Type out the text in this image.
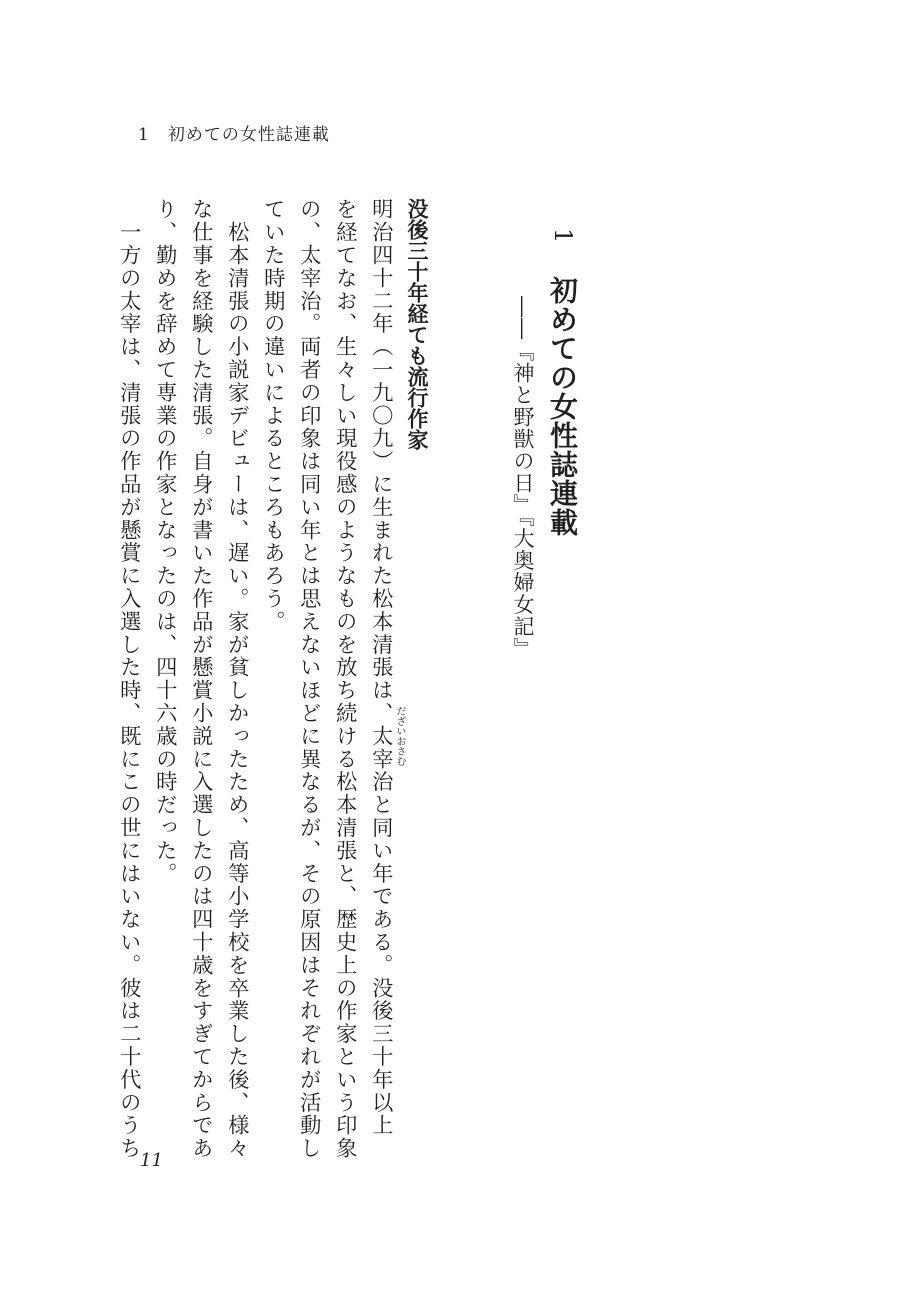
1 初めての女性誌連載
1
初めての女性誌連載
――『神と野獣の日』『大奥婦女記』
没後三十年経ても流行作家
明治四十二年（一九〇九）に生まれた松本清張は、太宰治と同い年である。没後三十年以上 だざいおさむ
を経てなお、生々しい現役感のようなものを放ち続ける松本清張と、歴史上の作家という印象
の、太宰治。両者の印象は同い年とは思えないほどに異なるが、その原因はそれぞれが活動し
ていた時期の違いによるところもあろう。
　松本清張の小説家デビューは、遅い。家が貧しかったため、高等小学校を卒業した後、様々
な仕事を経験した清張。自身が書いた作品が懸賞小説に入選したのは四十歳をすぎてからであ
り、勤めを辞めて専業の作家となったのは、四十六歳の時だった。
　一方の太宰は、清張の作品が懸賞に入選した時、既にこの世にはいない。彼は二十代のうち
11
